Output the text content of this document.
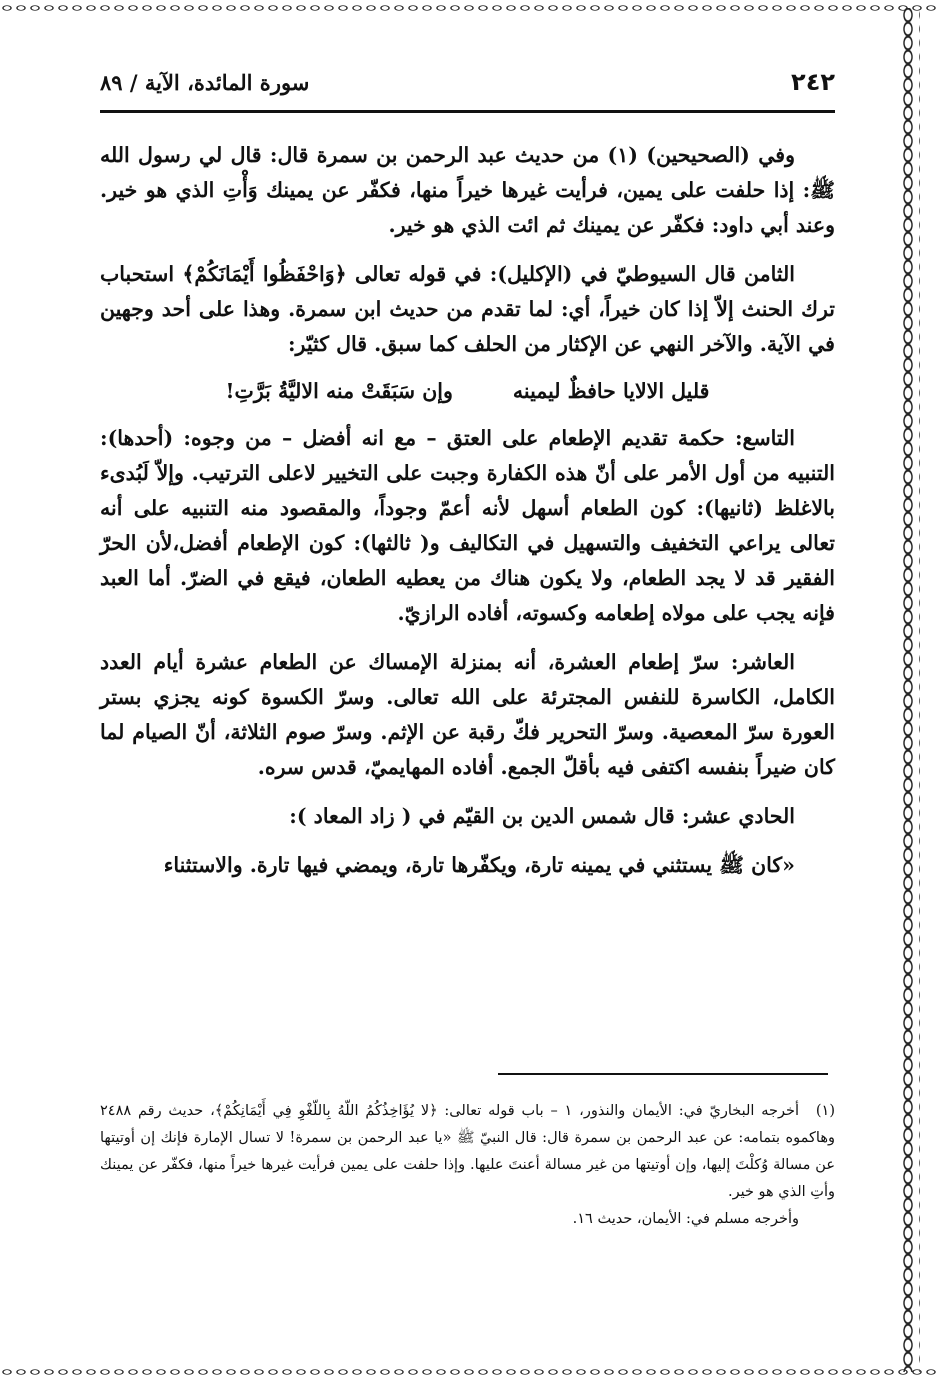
٢٤٢
سورة المائدة، الآية / ٨٩

وفي (الصحيحين) (١) من حديث عبد الرحمن بن سمرة قال: قال لي رسول الله ﷺ: إذا حلفت على يمين، فرأيت غيرها خيراً منها، فكفّر عن يمينك وَأْتِ الذي هو خير. وعند أبي داود: فكفّر عن يمينك ثم ائت الذي هو خير.

الثامن قال السيوطيّ في (الإكليل): في قوله تعالى ﴿وَاحْفَظُوا أَيْمَانَكُمْ﴾ استحباب ترك الحنث إلاّ إذا كان خيراً، أي: لما تقدم من حديث ابن سمرة. وهذا على أحد وجهين في الآية. والآخر النهي عن الإكثار من الحلف كما سبق. قال كثيّر:

قليل الالايا حافظٌ ليمينه
وإن سَبَقَتْ منه الاليَّةُ بَرَّتِ!

التاسع: حكمة تقديم الإطعام على العتق – مع انه أفضل – من وجوه: (أحدها): التنبيه من أول الأمر على أنّ هذه الكفارة وجبت على التخيير لاعلى الترتيب. وإلاّ لَبُدىء بالاغلظ (ثانيها): كون الطعام أسهل لأنه أعمّ وجوداً، والمقصود منه التنبيه على أنه تعالى يراعي التخفيف والتسهيل في التكاليف و( ثالثها): كون الإطعام أفضل،لأن الحرّ الفقير قد لا يجد الطعام، ولا يكون هناك من يعطيه الطعان، فيقع في الضرّ. أما العبد فإنه يجب على مولاه إطعامه وكسوته، أفاده الرازيّ.

العاشر: سرّ إطعام العشرة، أنه بمنزلة الإمساك عن الطعام عشرة أيام العدد الكامل، الكاسرة للنفس المجترئة على الله تعالى. وسرّ الكسوة كونه يجزي بستر العورة سرّ المعصية. وسرّ التحرير فكّ رقبة عن الإثم. وسرّ صوم الثلاثة، أنّ الصيام لما كان ضيراً بنفسه اكتفى فيه بأقلّ الجمع. أفاده المهايميّ، قدس سره.

الحادي عشر: قال شمس الدين بن القيّم في ( زاد المعاد ):

«كان ﷺ يستثني في يمينه تارة، ويكفّرها تارة، ويمضي فيها تارة. والاستثناء

(١)أخرجه البخاريّ في: الأيمان والنذور، ١ – باب قوله تعالى: ﴿لا يُؤَاخِذُكُمُ اللّهُ بِاللّغْوِ فِي أَيْمَانِكُمْ﴾، حديث رقم ٢٤٨٨ وهاكموه بتمامه: عن عبد الرحمن بن سمرة قال: قال النبيّ ﷺ «يا عبد الرحمن بن سمرة! لا تسال الإمارة فإنك إن أوتيتها عن مسالة وُكلْتَ إليها، وإن أوتيتها من غير مسالة أعنتَ عليها. وإذا حلفت على يمين فرأيت غيرها خيراً منها، فكفّر عن يمينك وأتِ الذي هو خير.

وأخرجه مسلم في: الأيمان، حديث ١٦.
